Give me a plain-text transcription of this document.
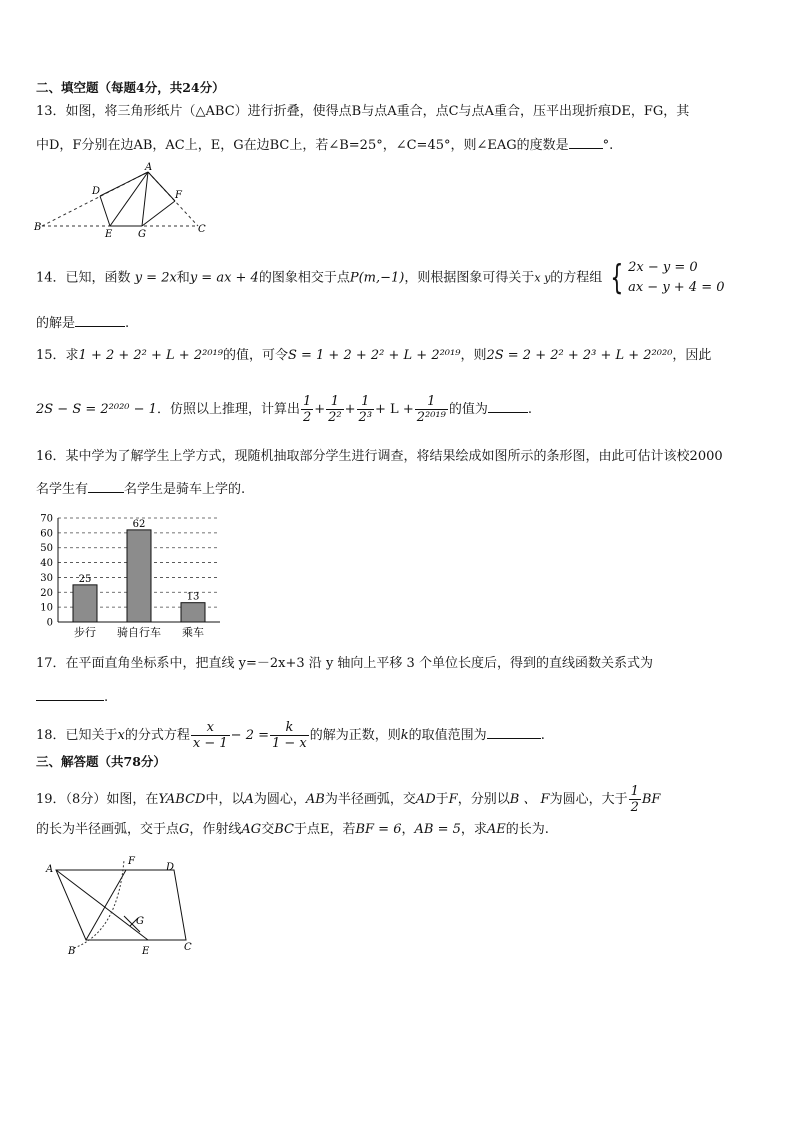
二、填空题（每题4分，共24分）
13．如图，将三角形纸片（△ABC）进行折叠，使得点B与点A重合，点C与点A重合，压平出现折痕DE，FG，其
中D，F分别在边AB，AC上，E，G在边BC上，若∠B=25°，∠C=45°，则∠EAG的度数是	°.
A
B	C
D
E
F
G
14．已知，函数 y = 2x和y = ax + 4的图象相交于点P(m,−1)，则根据图象可得关于x y的方程组 { 2x − y = 0
ax − y + 4 = 0
的解是	.
15．求1 + 2 + 2² + L + 2²⁰¹⁹的值，可令S = 1 + 2 + 2² + L + 2²⁰¹⁹，则2S = 2 + 2² + 2³ + L + 2²⁰²⁰，因此
2S − S = 2²⁰²⁰ − 1．仿照以上推理，计算出 $\frac{1}{2} + \frac{1}{\text{2²}} + \frac{1}{\text{2³}} + L + \frac{1}{\text{2²⁰¹⁹}}$ 的值为	.
16．某中学为了解学生上学方式，现随机抽取部分学生进行调查，将结果绘成如图所示的条形图，由此可估计该校2000
名学生有	名学生是骑车上学的.
0
10
20
30
40
50
60
70
25
步行
62
骑自行车
13
乘车
17．在平面直角坐标系中，把直线 y=－2x+3 沿 y 轴向上平移 3 个单位长度后，得到的直线函数关系式为
.
18．已知关于x的分式方程 $\frac{x}{x - 1} - 2 = \frac{k}{1 - x}$ 的解为正数，则k的取值范围为	.
三、解答题（共78分）
19．（8分）如图，在YABCD中，以A为圆心，AB为半径画弧，交AD于F，分别以B 、 F为圆心，大于 $\frac{1}{2}$ BF
的长为半径画弧，交于点G，作射线AG交BC于点E，若BF = 6，AB = 5，求AE的长为.
A
B	C
D
E
F
G
